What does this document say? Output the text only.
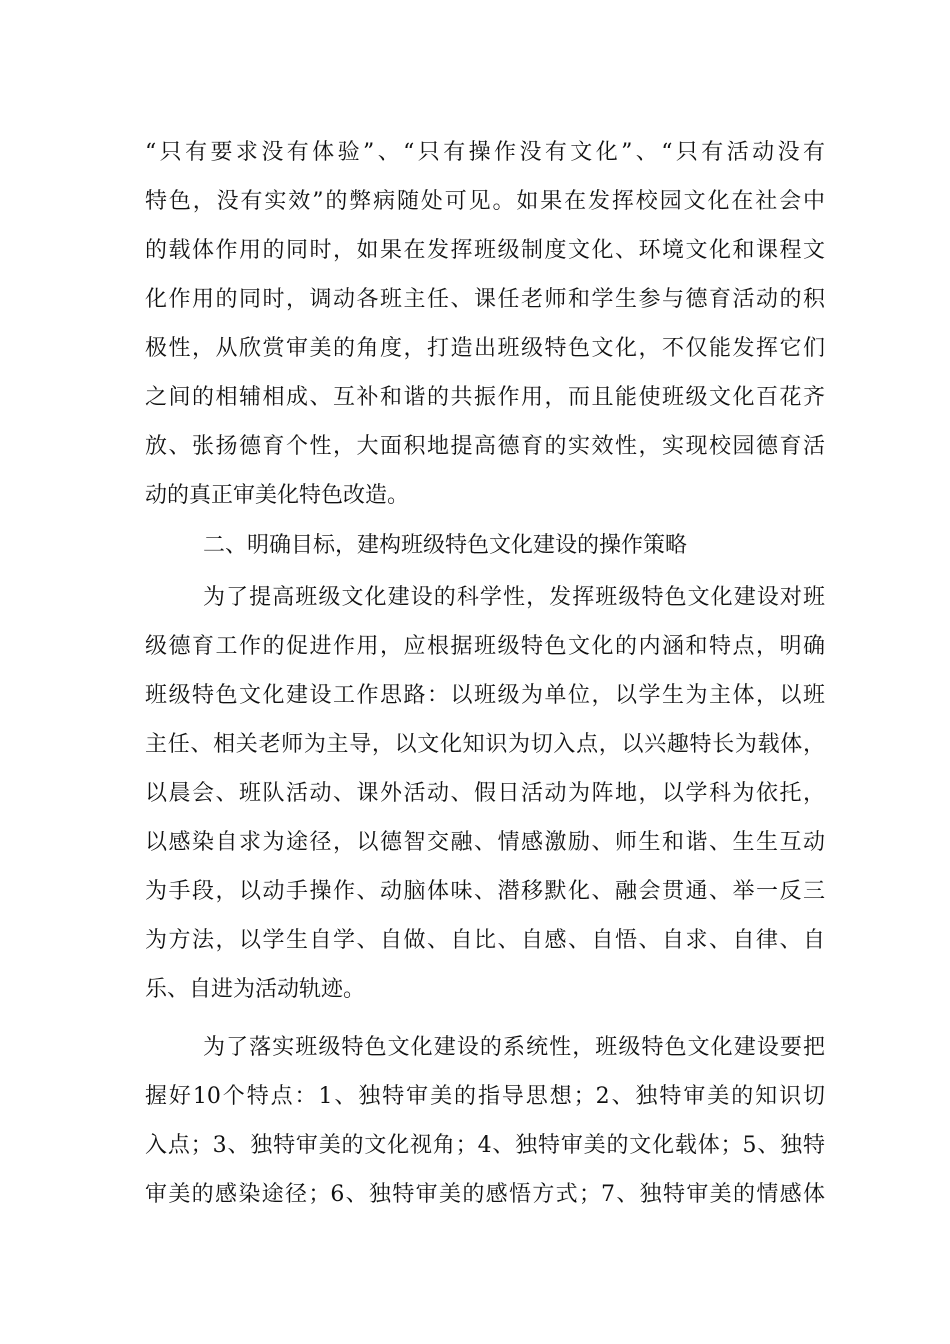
“只有要求没有体验”、“只有操作没有文化”、“只有活动没有
特色，没有实效”的弊病随处可见。如果在发挥校园文化在社会中
的载体作用的同时，如果在发挥班级制度文化、环境文化和课程文
化作用的同时，调动各班主任、课任老师和学生参与德育活动的积
极性，从欣赏审美的角度，打造出班级特色文化，不仅能发挥它们
之间的相辅相成、互补和谐的共振作用，而且能使班级文化百花齐
放、张扬德育个性，大面积地提高德育的实效性，实现校园德育活
动的真正审美化特色改造。
二、明确目标，建构班级特色文化建设的操作策略
为了提高班级文化建设的科学性，发挥班级特色文化建设对班
级德育工作的促进作用，应根据班级特色文化的内涵和特点，明确
班级特色文化建设工作思路：以班级为单位，以学生为主体，以班
主任、相关老师为主导，以文化知识为切入点，以兴趣特长为载体，
以晨会、班队活动、课外活动、假日活动为阵地，以学科为依托，
以感染自求为途径，以德智交融、情感激励、师生和谐、生生互动
为手段，以动手操作、动脑体味、潜移默化、融会贯通、举一反三
为方法，以学生自学、自做、自比、自感、自悟、自求、自律、自
乐、自进为活动轨迹。
为了落实班级特色文化建设的系统性，班级特色文化建设要把
握好10个特点：1、独特审美的指导思想；2、独特审美的知识切
入点；3、独特审美的文化视角；4、独特审美的文化载体；5、独特
审美的感染途径；6、独特审美的感悟方式；7、独特审美的情感体
